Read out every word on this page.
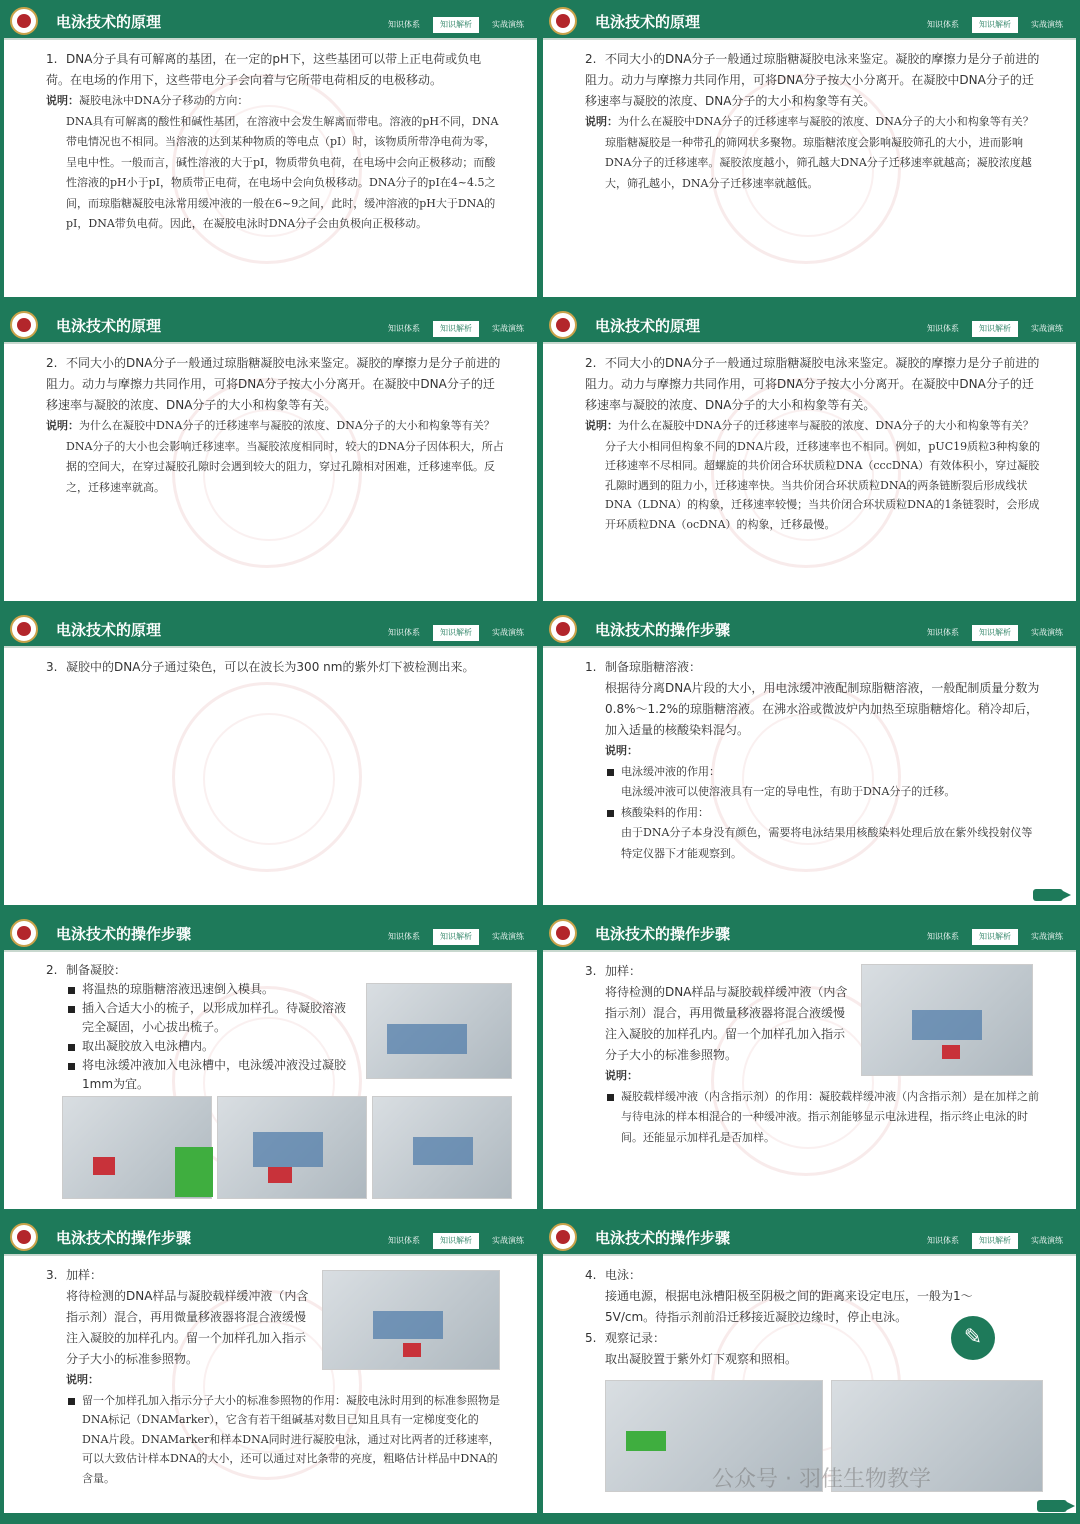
电泳技术的原理	知识体系	知识解析	实战演练

1. DNA分子具有可解离的基团，在一定的pH下，这些基团可以带上正电荷或负电荷。在电场的作用下，这些带电分子会向着与它所带电荷相反的电极移动。

说明：凝胶电泳中DNA分子移动的方向：

DNA具有可解离的酸性和碱性基团，在溶液中会发生解离而带电。溶液的pH不同，DNA带电情况也不相同。当溶液的达到某种物质的等电点（pI）时，该物质所带净电荷为零，呈电中性。一般而言，碱性溶液的大于pI，物质带负电荷，在电场中会向正极移动；而酸性溶液的pH小于pI，物质带正电荷，在电场中会向负极移动。DNA分子的pI在4~4.5之间，而琼脂糖凝胶电泳常用缓冲液的一般在6~9之间，此时，缓冲溶液的pH大于DNA的pI，DNA带负电荷。因此，在凝胶电泳时DNA分子会由负极向正极移动。

电泳技术的原理	知识体系	知识解析	实战演练

2. 不同大小的DNA分子一般通过琼脂糖凝胶电泳来鉴定。凝胶的摩擦力是分子前进的阻力。动力与摩擦力共同作用，可将DNA分子按大小分离开。在凝胶中DNA分子的迁移速率与凝胶的浓度、DNA分子的大小和构象等有关。

说明：为什么在凝胶中DNA分子的迁移速率与凝胶的浓度、DNA分子的大小和构象等有关？

琼脂糖凝胶是一种带孔的筛网状多聚物。琼脂糖浓度会影响凝胶筛孔的大小，进而影响DNA分子的迁移速率。凝胶浓度越小，筛孔越大DNA分子迁移速率就越高；凝胶浓度越大，筛孔越小，DNA分子迁移速率就越低。

电泳技术的原理	知识体系	知识解析	实战演练

2. 不同大小的DNA分子一般通过琼脂糖凝胶电泳来鉴定。凝胶的摩擦力是分子前进的阻力。动力与摩擦力共同作用，可将DNA分子按大小分离开。在凝胶中DNA分子的迁移速率与凝胶的浓度、DNA分子的大小和构象等有关。

说明：为什么在凝胶中DNA分子的迁移速率与凝胶的浓度、DNA分子的大小和构象等有关？

DNA分子的大小也会影响迁移速率。当凝胶浓度相同时，较大的DNA分子因体积大，所占据的空间大，在穿过凝胶孔隙时会遇到较大的阻力，穿过孔隙相对困难，迁移速率低。反之，迁移速率就高。

电泳技术的原理	知识体系	知识解析	实战演练

2. 不同大小的DNA分子一般通过琼脂糖凝胶电泳来鉴定。凝胶的摩擦力是分子前进的阻力。动力与摩擦力共同作用，可将DNA分子按大小分离开。在凝胶中DNA分子的迁移速率与凝胶的浓度、DNA分子的大小和构象等有关。

说明：为什么在凝胶中DNA分子的迁移速率与凝胶的浓度、DNA分子的大小和构象等有关？

分子大小相同但构象不同的DNA片段，迁移速率也不相同。例如，pUC19质粒3种构象的迁移速率不尽相同。超螺旋的共价闭合环状质粒DNA（cccDNA）有效体积小，穿过凝胶孔隙时遇到的阻力小，迁移速率快。当共价闭合环状质粒DNA的两条链断裂后形成线状DNA（LDNA）的构象，迁移速率较慢；当共价闭合环状质粒DNA的1条链裂时，会形成开环质粒DNA（ocDNA）的构象，迁移最慢。

电泳技术的原理	知识体系	知识解析	实战演练

3. 凝胶中的DNA分子通过染色，可以在波长为300 nm的紫外灯下被检测出来。

电泳技术的操作步骤	知识体系	知识解析	实战演练

1. 制备琼脂糖溶液：

根据待分离DNA片段的大小，用电泳缓冲液配制琼脂糖溶液，一般配制质量分数为0.8%～1.2%的琼脂糖溶液。在沸水浴或微波炉内加热至琼脂糖熔化。稍冷却后，加入适量的核酸染料混匀。

说明：

电泳缓冲液的作用：

电泳缓冲液可以使溶液具有一定的导电性，有助于DNA分子的迁移。

核酸染料的作用：

由于DNA分子本身没有颜色，需要将电泳结果用核酸染料处理后放在紫外线投射仪等特定仪器下才能观察到。

电泳技术的操作步骤	知识体系	知识解析	实战演练

2. 制备凝胶：

将温热的琼脂糖溶液迅速倒入模具。

插入合适大小的梳子，以形成加样孔。待凝胶溶液完全凝固，小心拔出梳子。

取出凝胶放入电泳槽内。

将电泳缓冲液加入电泳槽中，电泳缓冲液没过凝胶1mm为宜。

电泳技术的操作步骤	知识体系	知识解析	实战演练

3. 加样：

将待检测的DNA样品与凝胶载样缓冲液（内含指示剂）混合，再用微量移液器将混合液缓慢注入凝胶的加样孔内。留一个加样孔加入指示分子大小的标准参照物。

说明：

凝胶载样缓冲液（内含指示剂）的作用：凝胶载样缓冲液（内含指示剂）是在加样之前与待电泳的样本相混合的一种缓冲液。指示剂能够显示电泳进程，指示终止电泳的时间。还能显示加样孔是否加样。

电泳技术的操作步骤	知识体系	知识解析	实战演练

3. 加样：

将待检测的DNA样品与凝胶载样缓冲液（内含指示剂）混合，再用微量移液器将混合液缓慢注入凝胶的加样孔内。留一个加样孔加入指示分子大小的标准参照物。

说明：

留一个加样孔加入指示分子大小的标准参照物的作用：凝胶电泳时用到的标准参照物是DNA标记（DNAMarker），它含有若干组碱基对数目已知且具有一定梯度变化的DNA片段。DNAMarker和样本DNA同时进行凝胶电泳，通过对比两者的迁移速率，可以大致估计样本DNA的大小，还可以通过对比条带的亮度，粗略估计样品中DNA的含量。

电泳技术的操作步骤	知识体系	知识解析	实战演练

4. 电泳：

接通电源，根据电泳槽阳极至阴极之间的距离来设定电压，一般为1～5V/cm。待指示剂前沿迁移接近凝胶边缘时，停止电泳。

5. 观察记录：

取出凝胶置于紫外灯下观察和照相。

✎
公众号 · 羽佳生物教学
